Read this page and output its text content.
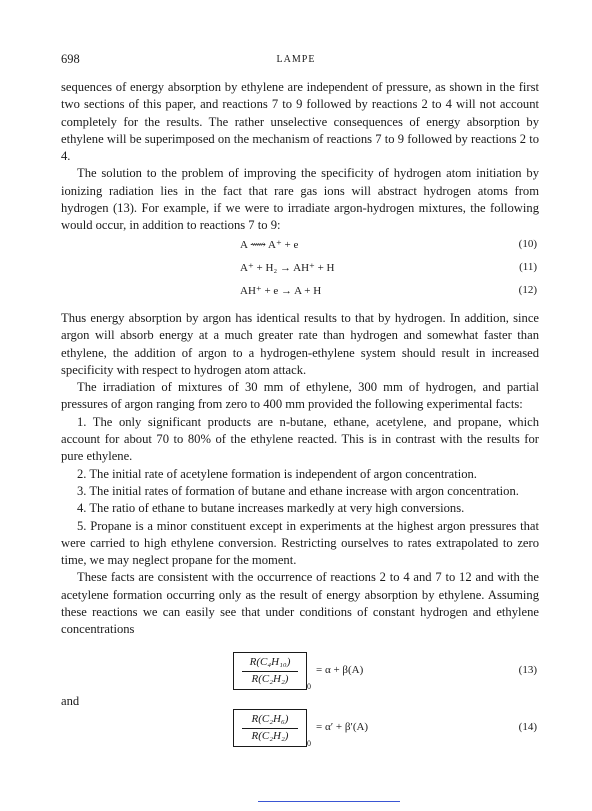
698	LAMPE

sequences of energy absorption by ethylene are independent of pressure, as shown in the first two sections of this paper, and reactions 7 to 9 followed by reactions 2 to 4 will not account completely for the results. The rather unselective consequences of energy absorption by ethylene will be superimposed on the mechanism of reactions 7 to 9 followed by reactions 2 to 4.

The solution to the problem of improving the specificity of hydrogen atom initiation by ionizing radiation lies in the fact that rare gas ions will abstract hydrogen atoms from hydrogen (13). For example, if we were to irradiate argon-hydrogen mixtures, the following would occur, in addition to reactions 7 to 9:

A ⟿ A⁺ + e	(10)
A⁺ + H₂ → AH⁺ + H	(11)
AH⁺ + e → A + H	(12)

Thus energy absorption by argon has identical results to that by hydrogen. In addition, since argon will absorb energy at a much greater rate than hydrogen and somewhat faster than ethylene, the addition of argon to a hydrogen-ethylene system should result in increased specificity with respect to hydrogen atom attack.

The irradiation of mixtures of 30 mm of ethylene, 300 mm of hydrogen, and partial pressures of argon ranging from zero to 400 mm provided the following experimental facts:

1. The only significant products are n-butane, ethane, acetylene, and propane, which account for about 70 to 80% of the ethylene reacted. This is in contrast with the results for pure ethylene.

2. The initial rate of acetylene formation is independent of argon concentration.

3. The initial rates of formation of butane and ethane increase with argon concentration.

4. The ratio of ethane to butane increases markedly at very high conversions.

5. Propane is a minor constituent except in experiments at the highest argon pressures that were carried to high ethylene conversion. Restricting ourselves to rates extrapolated to zero time, we may neglect propane for the moment.

These facts are consistent with the occurrence of reactions 2 to 4 and 7 to 12 and with the acetylene formation occurring only as the result of energy absorption by ethylene. Assuming these reactions we can easily see that under conditions of constant hydrogen and ethylene concentrations

R(C₄H₁₀)
R(C₂H₂)
0
= α + β(A)	(13)
and
R(C₂H₆)
R(C₂H₂)
0
= α′ + β′(A)	(14)
